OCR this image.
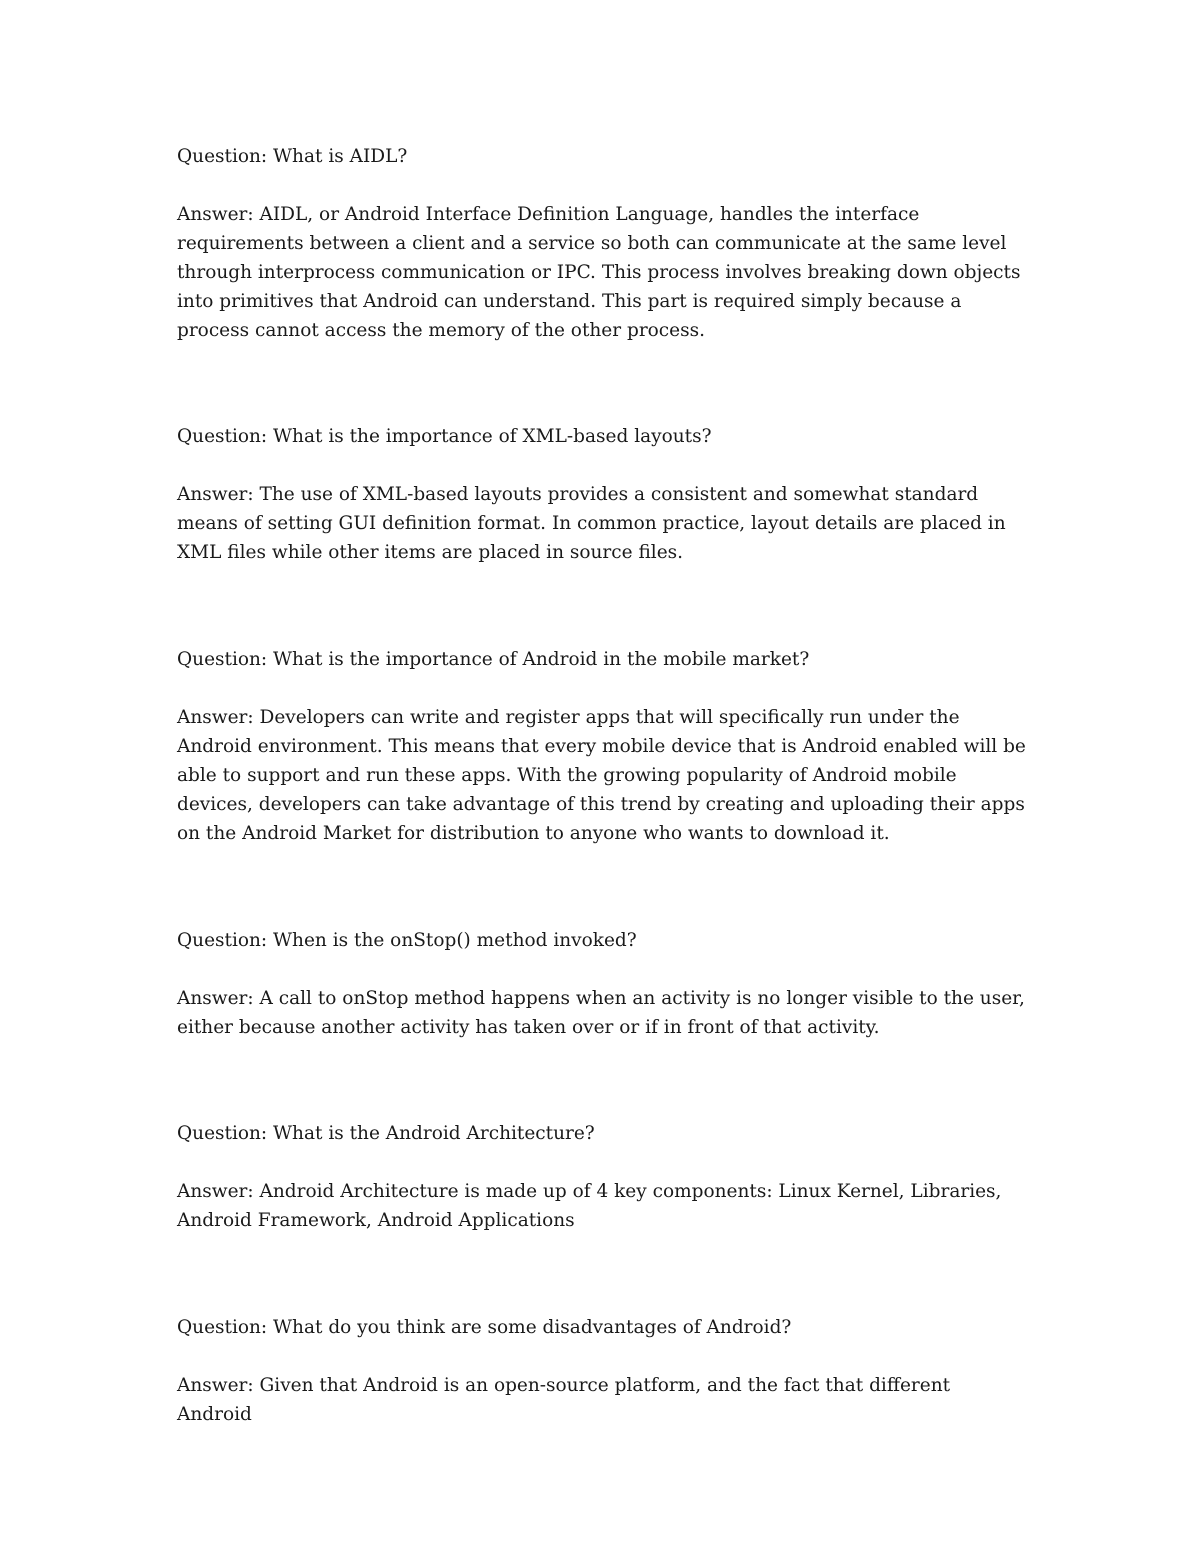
Question: What is AIDL?

Answer: AIDL, or Android Interface Definition Language, handles the interface requirements between a client and a service so both can communicate at the same level through interprocess communication or IPC. This process involves breaking down objects into primitives that Android can understand. This part is required simply because a process cannot access the memory of the other process.

Question: What is the importance of XML-based layouts?

Answer: The use of XML-based layouts provides a consistent and somewhat standard means of setting GUI definition format. In common practice, layout details are placed in XML files while other items are placed in source files.

Question: What is the importance of Android in the mobile market?

Answer: Developers can write and register apps that will specifically run under the Android environment. This means that every mobile device that is Android enabled will be able to support and run these apps. With the growing popularity of Android mobile devices, developers can take advantage of this trend by creating and uploading their apps on the Android Market for distribution to anyone who wants to download it.

Question: When is the onStop() method invoked?

Answer: A call to onStop method happens when an activity is no longer visible to the user, either because another activity has taken over or if in front of that activity.

Question: What is the Android Architecture?

Answer: Android Architecture is made up of 4 key components: Linux Kernel, Libraries, Android Framework, Android Applications

Question: What do you think are some disadvantages of Android?

Answer: Given that Android is an open-source platform, and the fact that different Android
